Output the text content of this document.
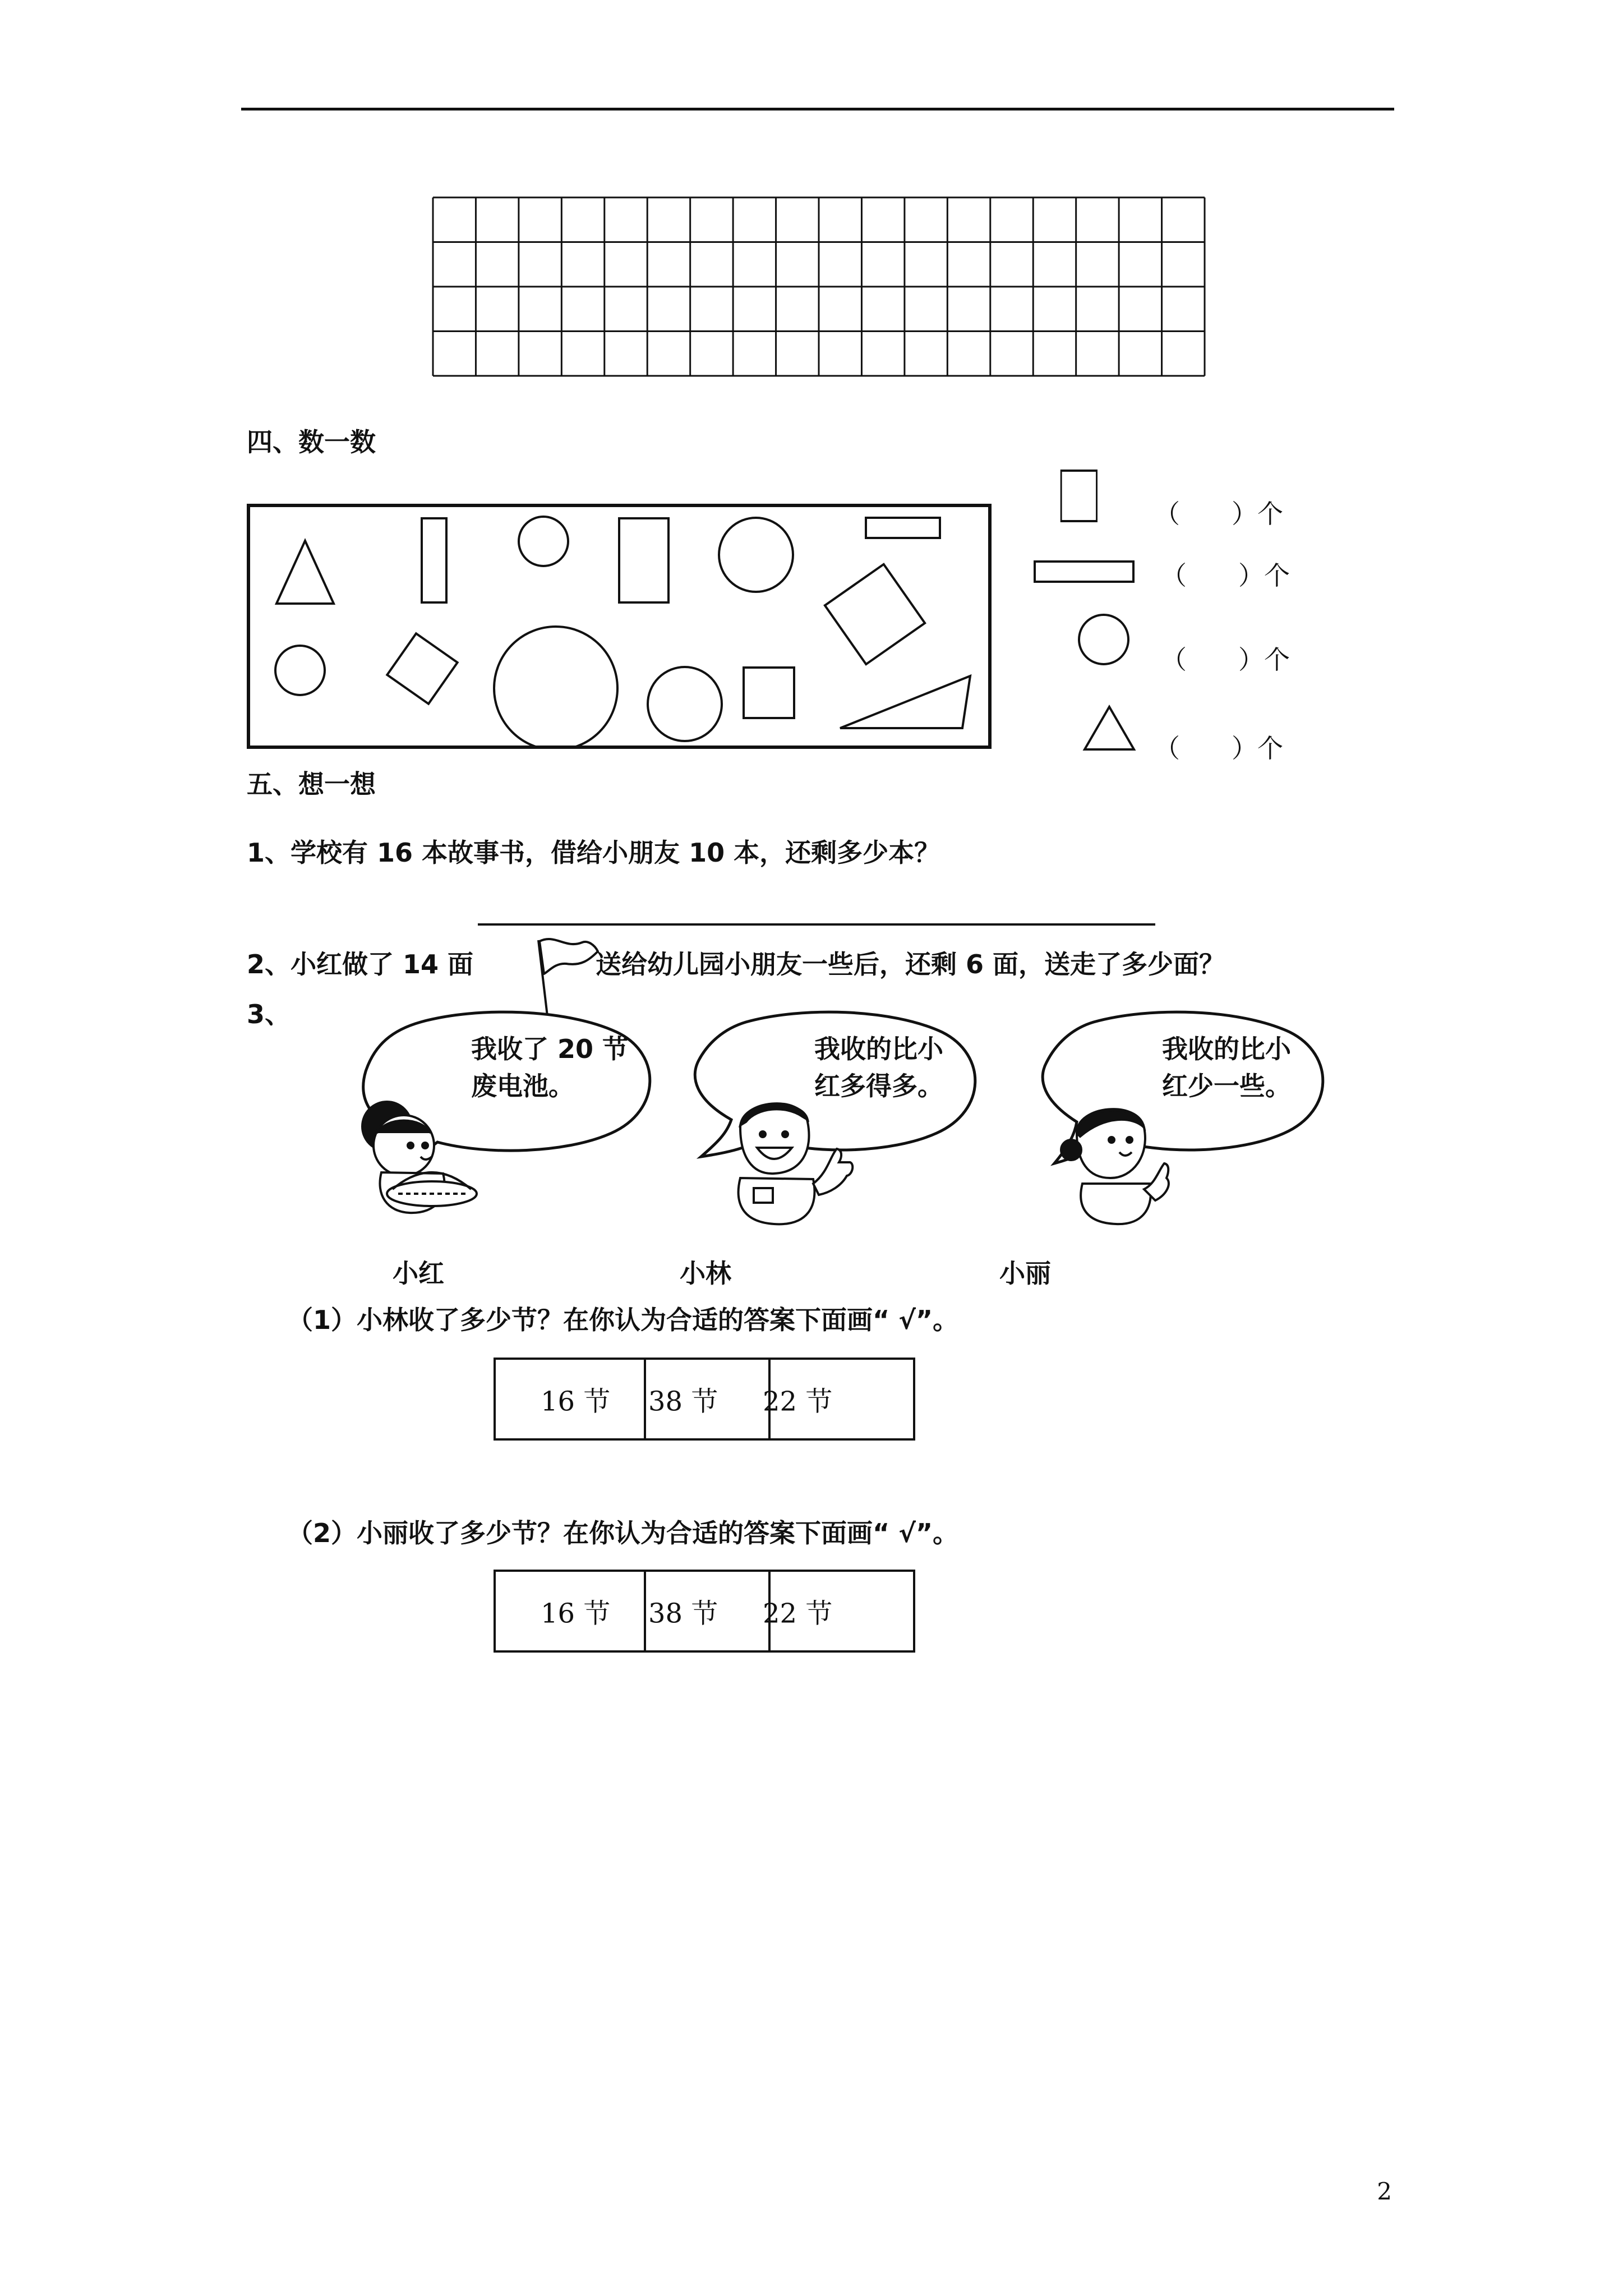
四、数一数
（　　）个
（　　）个
（　　）个
（　　）个
五、想一想
1、学校有 16 本故事书，借给小朋友 10 本，还剩多少本？
2、小红做了 14 面	送给幼儿园小朋友一些后，还剩 6 面，送走了多少面？
3、
我收了 20 节
废电池。
我收的比小
红多得多。
我收的比小
红少一些。
小红	小林	小丽
（1）小林收了多少节？在你认为合适的答案下面画“ √”。
16 节 38 节 22 节
（2）小丽收了多少节？在你认为合适的答案下面画“ √”。
16 节 38 节 22 节
2
